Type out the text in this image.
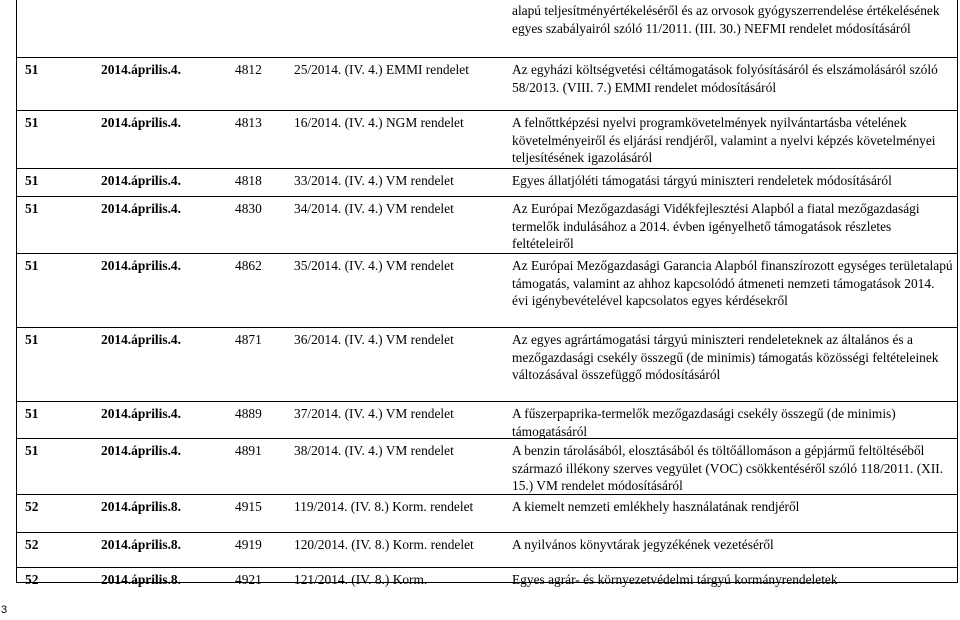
alapú teljesítményértékeléséről és az orvosok gyógyszerrendelése értékelésének egyes szabályairól szóló 11/2011. (III. 30.) NEFMI rendelet módosításáról
51	2014.április.4.	4812 25/2014. (IV. 4.) EMMI rendelet	Az egyházi költségvetési céltámogatások folyósításáról és elszámolásáról szóló 58/2013. (VIII. 7.) EMMI rendelet módosításáról
51	2014.április.4.	4813 16/2014. (IV. 4.) NGM rendelet	A felnőttképzési nyelvi programkövetelmények nyilvántartásba vételének követelményeiről és eljárási rendjéről, valamint a nyelvi képzés követelményei teljesítésének igazolásáról
51	2014.április.4.	4818 33/2014. (IV. 4.) VM rendelet	Egyes állatjóléti támogatási tárgyú miniszteri rendeletek módosításáról
51	2014.április.4.	4830 34/2014. (IV. 4.) VM rendelet	Az Európai Mezőgazdasági Vidékfejlesztési Alapból a fiatal mezőgazdasági termelők indulásához a 2014. évben igényelhető támogatások részletes feltételeiről
51	2014.április.4.	4862 35/2014. (IV. 4.) VM rendelet	Az Európai Mezőgazdasági Garancia Alapból finanszírozott egységes területalapú támogatás, valamint az ahhoz kapcsolódó átmeneti nemzeti támogatások 2014. évi igénybevételével kapcsolatos egyes kérdésekről
51	2014.április.4.	4871 36/2014. (IV. 4.) VM rendelet	Az egyes agrártámogatási tárgyú miniszteri rendeleteknek az általános és a mezőgazdasági csekély összegű (de minimis) támogatás közösségi feltételeinek változásával összefüggő módosításáról
51	2014.április.4.	4889 37/2014. (IV. 4.) VM rendelet	A fűszerpaprika-termelők mezőgazdasági csekély összegű (de minimis) támogatásáról
51	2014.április.4.	4891 38/2014. (IV. 4.) VM rendelet	A benzin tárolásából, elosztásából és töltőállomáson a gépjármű feltöltéséből származó illékony szerves vegyület (VOC) csökkentéséről szóló 118/2011. (XII. 15.) VM rendelet módosításáról
52	2014.április.8.	4915 119/2014. (IV. 8.) Korm. rendelet	A kiemelt nemzeti emlékhely használatának rendjéről
52	2014.április.8.	4919 120/2014. (IV. 8.) Korm. rendelet	A nyilvános könyvtárak jegyzékének vezetéséről
52	2014.április.8.	4921 121/2014. (IV. 8.) Korm.	Egyes agrár- és környezetvédelmi tárgyú kormányrendeletek
3
